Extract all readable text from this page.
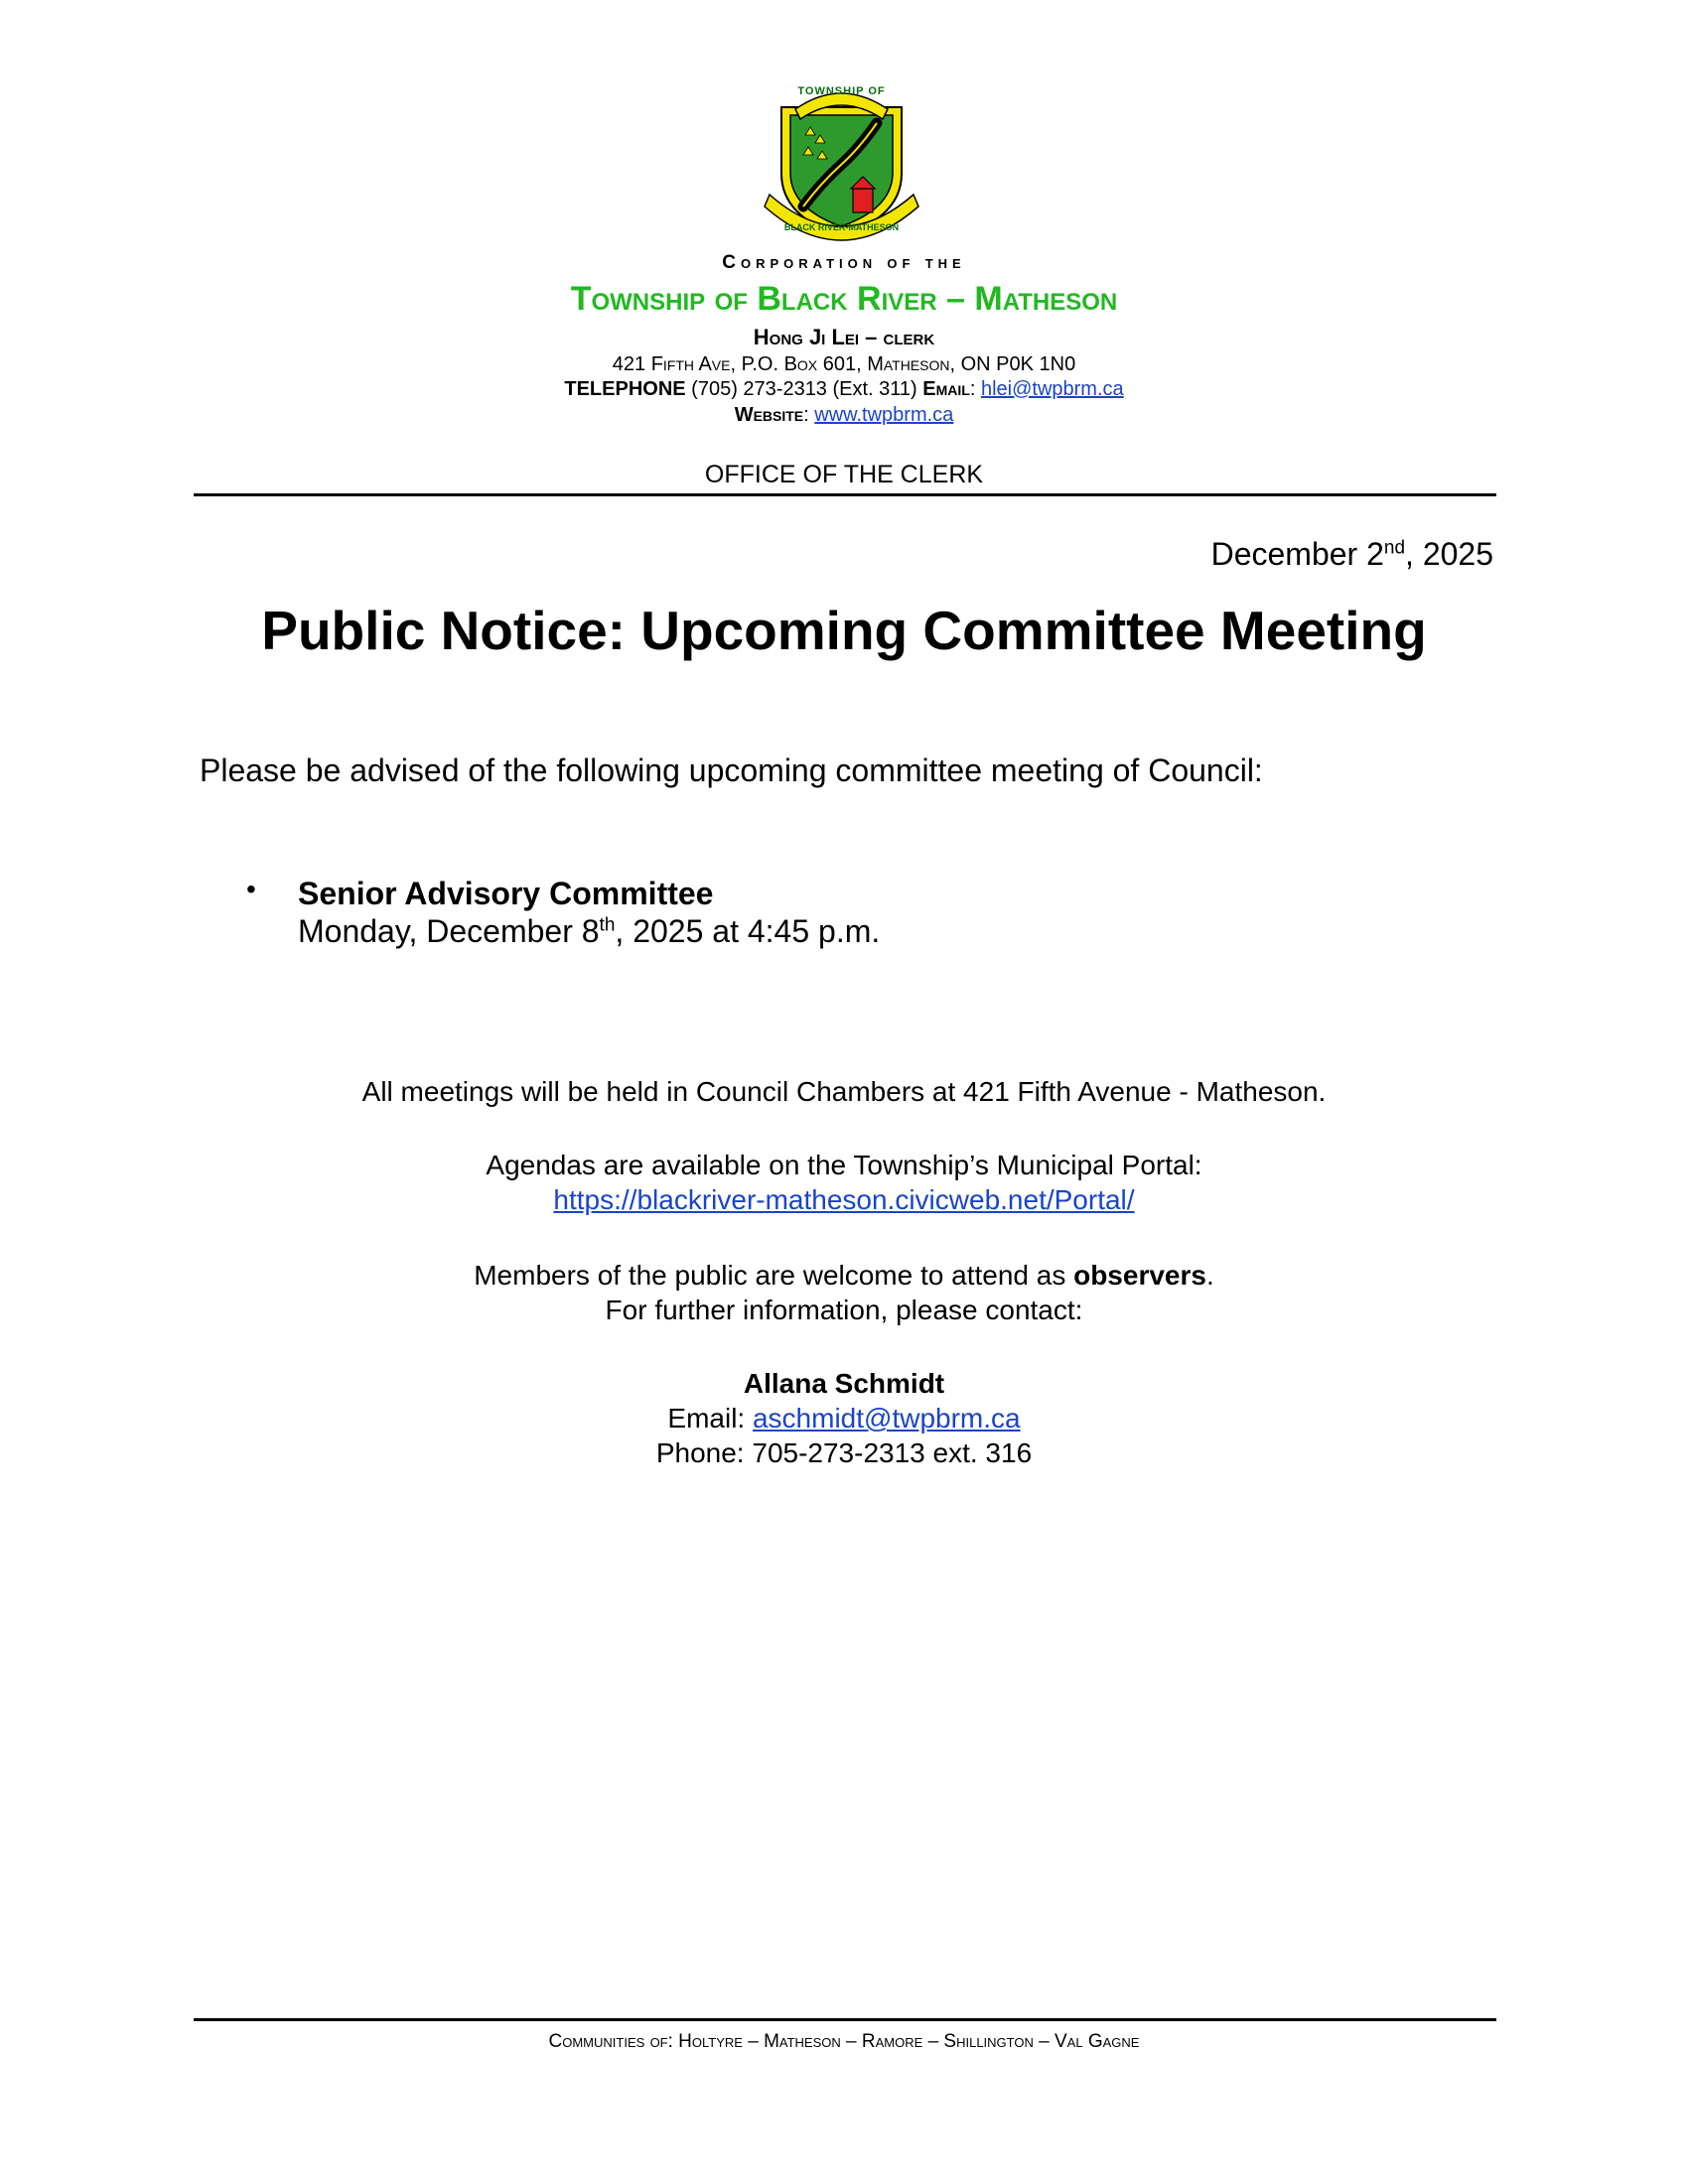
TOWNSHIP OF
BLACK RIVER-MATHESON
Corporation of the
Township of Black River – Matheson
Hong Ji Lei – clerk
421 Fifth Ave, P.O. Box 601, Matheson, ON P0K 1N0
TELEPHONE (705) 273-2313 (Ext. 311) Email: hlei@twpbrm.ca
Website: www.twpbrm.ca
OFFICE OF THE CLERK
December 2nd, 2025
Public Notice: Upcoming Committee Meeting
Please be advised of the following upcoming committee meeting of Council:
• Senior Advisory Committee
Monday, December 8th, 2025 at 4:45 p.m.
All meetings will be held in Council Chambers at 421 Fifth Avenue - Matheson.
Agendas are available on the Township’s Municipal Portal:
https://blackriver-matheson.civicweb.net/Portal/
Members of the public are welcome to attend as observers.
For further information, please contact:
Allana Schmidt
Email: aschmidt@twpbrm.ca
Phone: 705-273-2313 ext. 316
Communities of: Holtyre – Matheson – Ramore – Shillington – Val Gagne
